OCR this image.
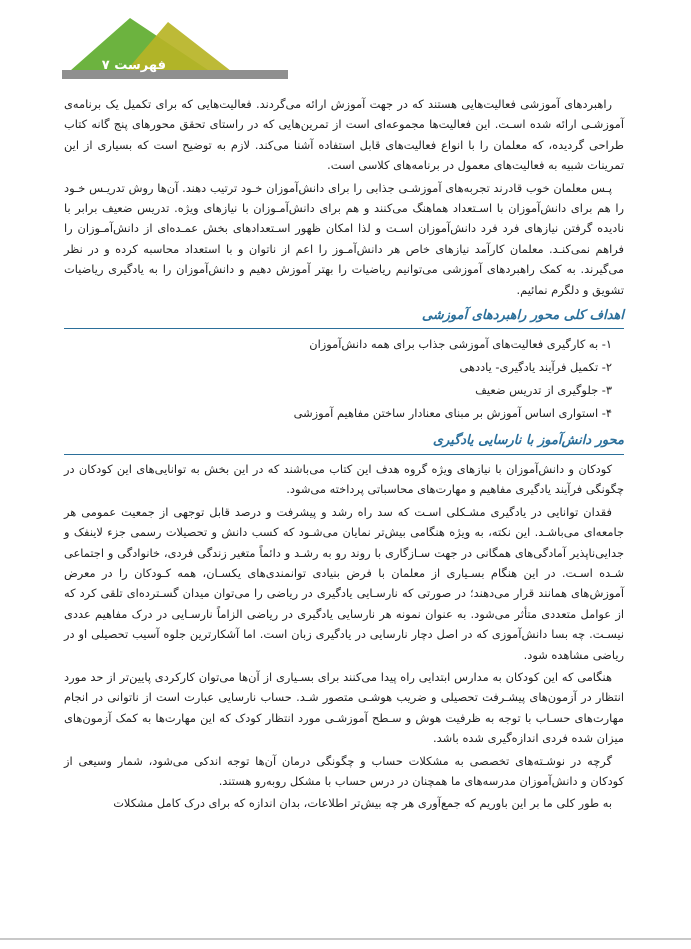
فهرست ۷

راهبردهای آموزشی فعالیت‌هایی هستند که در جهت آموزش ارائه می‌گردند. فعالیت‌هایی که برای تکمیل یک برنامه‌ی آموزشـی ارائه شده اسـت. این فعالیت‌ها مجموعه‌ای است از تمرین‌هایی که در راستای تحقق محورهای پنج گانه کتاب طراحی گردیده، که معلمان را با انواع فعالیت‌های قابل استفاده آشنا می‌کند. لازم به توضیح است که بسیاری از این تمرینات شبیه به فعالیت‌های معمول در برنامه‌های کلاسی است.

پـس معلمان خوب قادرند تجربه‌های آموزشـی جذابی را برای دانش‌آموزان خـود ترتیب دهند. آن‌ها روش تدریـس خـود را هم برای دانش‌آموزان با اسـتعداد هماهنگ می‌کنند و هم برای دانش‌آمـوزان با نیازهای ویژه. تدریس ضعیف برابر با نادیده گرفتن نیازهای فرد فرد دانش‌آموزان اسـت و لذا امکان ظهور اسـتعدادهای بخش عمـده‌ای از دانش‌آمـوزان را فراهم نمی‌کنـد. معلمان کارآمد نیازهای خاص هر دانش‌آمـوز را اعم از ناتوان و با استعداد محاسبه کرده و در نظر می‌گیرند. به کمک راهبردهای آموزشی می‌توانیم ریاضیات را بهتر آموزش دهیم و دانش‌آموزان را به یادگیری ریاضیات تشویق و دلگرم نمائیم.

اهداف کلی محور راهبردهای آموزشی
۱- به کارگیری فعالیت‌های آموزشی جذاب برای همه دانش‌آموزان
۲- تکمیل فرآیند یادگیری- یاددهی
۳- جلوگیری از تدریس ضعیف
۴- استواری اساس آموزش بر مبنای معنادار ساختن مفاهیم آموزشی
محور دانش‌آموز با نارسایی یادگیری

کودکان و دانش‌آموزان با نیازهای ویژه گروه هدف این کتاب می‌باشند که در این بخش به توانایی‌های این کودکان در چگونگی فرآیند یادگیری مفاهیم و مهارت‌های محاسباتی پرداخته می‌شود.

فقدان توانایی در یادگیری مشـکلی اسـت که سد راه رشد و پیشرفت و درصد قابل توجهی از جمعیت عمومی هر جامعه‌ای می‌باشـد. این نکته، به ویژه هنگامی بیش‌تر نمایان می‌شـود که کسب دانش و تحصیلات رسمی جزء لاینفک و جدایی‌ناپذیر آمادگی‌های همگانی در جهت سـازگاری با روند رو به رشـد و دائماً متغیر زندگی فردی، خانوادگی و اجتماعی شـده اسـت. در این هنگام بسـیاری از معلمان با فرض بنیادی توانمندی‌های یکسـان، همه کـودکان را در معرض آموزش‌های همانند قرار می‌دهند؛ در صورتی که نارسـایی یادگیری در ریاضی را می‌توان میدان گسـترده‌ای تلقی کرد که از عوامل متعددی متأثر می‌شود. به عنوان نمونه هر نارسایی یادگیری در ریاضی الزاماً نارسـایی در درک مفاهیم عددی نیسـت. چه بسا دانش‌آموزی که در اصل دچار نارسایی در یادگیری زبان است. اما آشکارترین جلوه آسیب تحصیلی او در ریاضی مشاهده شود.

هنگامی که این کودکان به مدارس ابتدایی راه پیدا می‌کنند برای بسـیاری از آن‌ها می‌توان کارکردی پایین‌تر از حد مورد انتظار در آزمون‌های پیشـرفت تحصیلی و ضریب هوشـی متصور شـد. حساب نارسایی عبارت است از ناتوانی در انجام مهارت‌های حسـاب با توجه به ظرفیت هوش و سـطح آموزشـی مورد انتظار کودک که این مهارت‌ها به کمک آزمون‌های میزان شده فردی اندازه‌گیری شده باشد.

گرچه در نوشـته‌های تخصصی به مشکلات حساب و چگونگی درمان آن‌ها توجه اندکی می‌شود، شمار وسیعی از کودکان و دانش‌آموزان مدرسه‌های ما همچنان در درس حساب با مشکل روبه‌رو هستند.

به طور کلی ما بر این باوریم که جمع‌آوری هر چه بیش‌تر اطلاعات، بدان اندازه که برای درک کامل مشکلات
